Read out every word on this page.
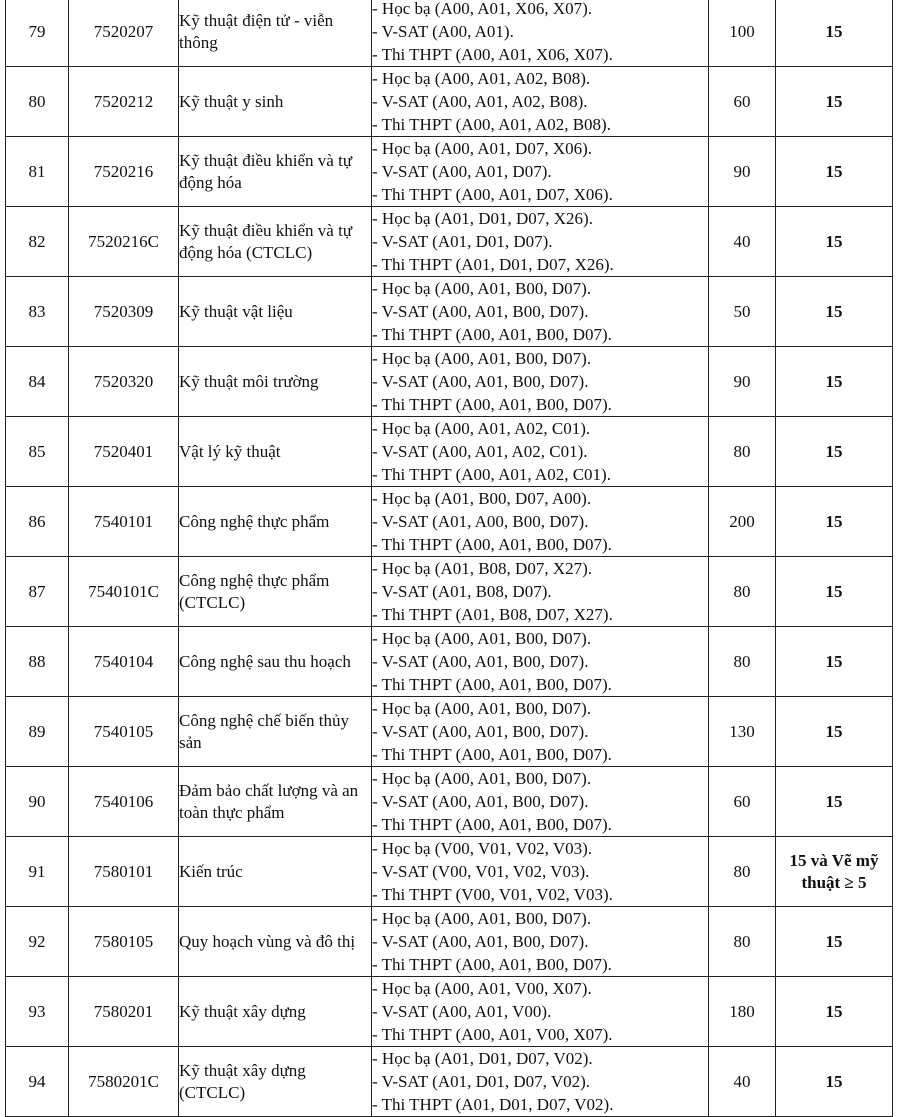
79	7520207	Kỹ thuật điện tử - viễn thông	- Học bạ (A00, A01, X06, X07).
- V-SAT (A00, A01).
- Thi THPT (A00, A01, X06, X07).	100	15
80	7520212	Kỹ thuật y sinh	- Học bạ (A00, A01, A02, B08).
- V-SAT (A00, A01, A02, B08).
- Thi THPT (A00, A01, A02, B08).	60	15
81	7520216	Kỹ thuật điều khiển và tự động hóa	- Học bạ (A00, A01, D07, X06).
- V-SAT (A00, A01, D07).
- Thi THPT (A00, A01, D07, X06).	90	15
82	7520216C	Kỹ thuật điều khiển và tự động hóa (CTCLC)	- Học bạ (A01, D01, D07, X26).
- V-SAT (A01, D01, D07).
- Thi THPT (A01, D01, D07, X26).	40	15
83	7520309	Kỹ thuật vật liệu	- Học bạ (A00, A01, B00, D07).
- V-SAT (A00, A01, B00, D07).
- Thi THPT (A00, A01, B00, D07).	50	15
84	7520320	Kỹ thuật môi trường	- Học bạ (A00, A01, B00, D07).
- V-SAT (A00, A01, B00, D07).
- Thi THPT (A00, A01, B00, D07).	90	15
85	7520401	Vật lý kỹ thuật	- Học bạ (A00, A01, A02, C01).
- V-SAT (A00, A01, A02, C01).
- Thi THPT (A00, A01, A02, C01).	80	15
86	7540101	Công nghệ thực phẩm	- Học bạ (A01, B00, D07, A00).
- V-SAT (A01, A00, B00, D07).
- Thi THPT (A00, A01, B00, D07).	200	15
87	7540101C	Công nghệ thực phẩm (CTCLC)	- Học bạ (A01, B08, D07, X27).
- V-SAT (A01, B08, D07).
- Thi THPT (A01, B08, D07, X27).	80	15
88	7540104	Công nghệ sau thu hoạch	- Học bạ (A00, A01, B00, D07).
- V-SAT (A00, A01, B00, D07).
- Thi THPT (A00, A01, B00, D07).	80	15
89	7540105	Công nghệ chế biến thủy sản	- Học bạ (A00, A01, B00, D07).
- V-SAT (A00, A01, B00, D07).
- Thi THPT (A00, A01, B00, D07).	130	15
90	7540106	Đảm bảo chất lượng và an toàn thực phẩm	- Học bạ (A00, A01, B00, D07).
- V-SAT (A00, A01, B00, D07).
- Thi THPT (A00, A01, B00, D07).	60	15
91	7580101	Kiến trúc	- Học bạ (V00, V01, V02, V03).
- V-SAT (V00, V01, V02, V03).
- Thi THPT (V00, V01, V02, V03).	80	15 và Vẽ mỹ thuật ≥ 5
92	7580105	Quy hoạch vùng và đô thị	- Học bạ (A00, A01, B00, D07).
- V-SAT (A00, A01, B00, D07).
- Thi THPT (A00, A01, B00, D07).	80	15
93	7580201	Kỹ thuật xây dựng	- Học bạ (A00, A01, V00, X07).
- V-SAT (A00, A01, V00).
- Thi THPT (A00, A01, V00, X07).	180	15
94	7580201C	Kỹ thuật xây dựng (CTCLC)	- Học bạ (A01, D01, D07, V02).
- V-SAT (A01, D01, D07, V02).
- Thi THPT (A01, D01, D07, V02).	40	15
